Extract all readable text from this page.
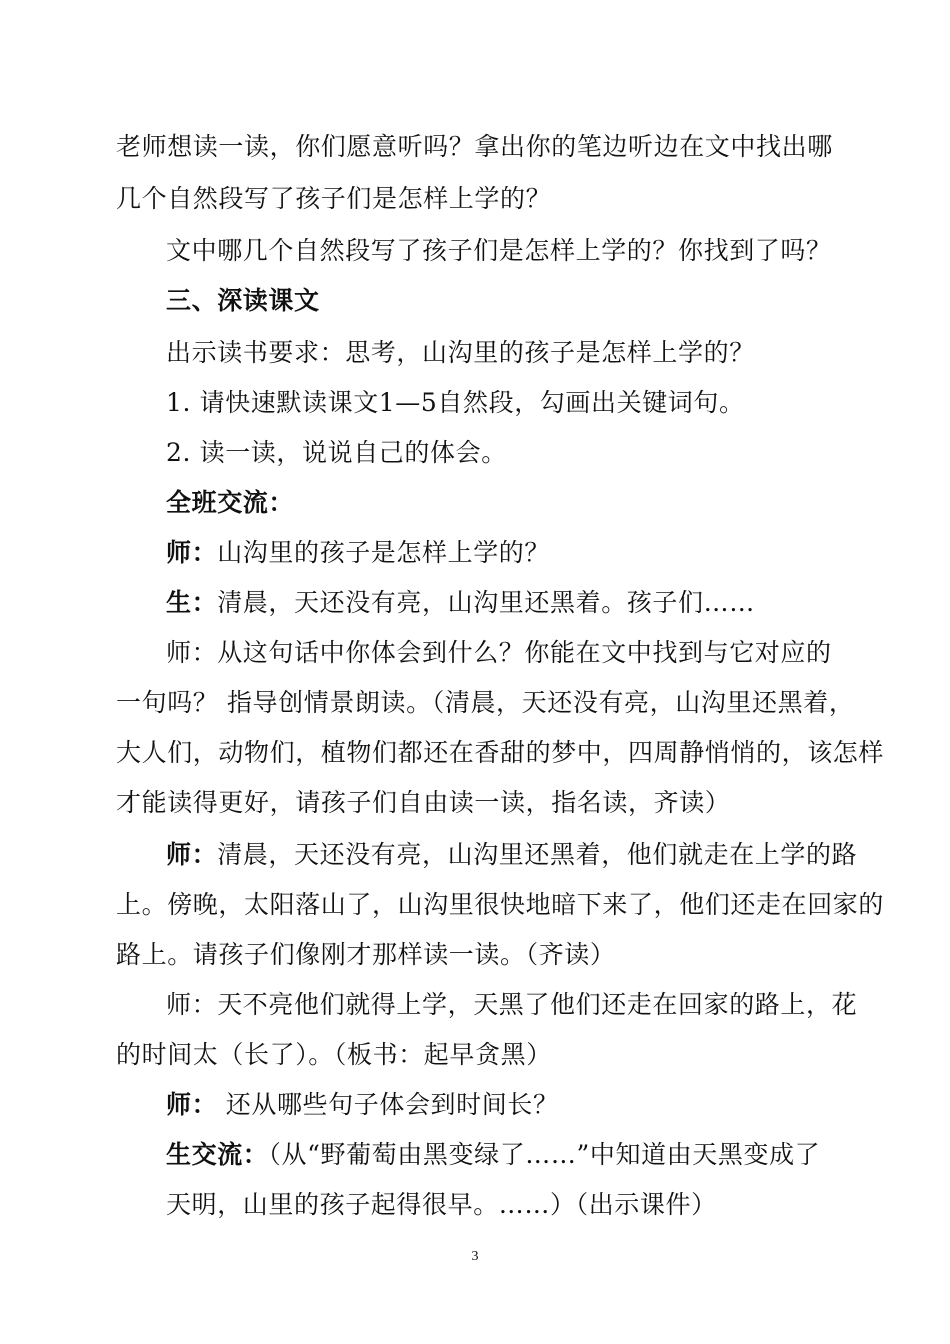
老师想读一读，你们愿意听吗？拿出你的笔边听边在文中找出哪
几个自然段写了孩子们是怎样上学的？
文中哪几个自然段写了孩子们是怎样上学的？你找到了吗？
三、深读课文
出示读书要求：思考，山沟里的孩子是怎样上学的？
1. 请快速默读课文1—5自然段，勾画出关键词句。
2. 读一读，说说自己的体会。
全班交流：
师：山沟里的孩子是怎样上学的？
生：清晨，天还没有亮，山沟里还黑着。孩子们……
师：从这句话中你体会到什么？你能在文中找到与它对应的
一句吗？ 指导创情景朗读。（清晨，天还没有亮，山沟里还黑着，
大人们，动物们，植物们都还在香甜的梦中，四周静悄悄的，该怎样
才能读得更好，请孩子们自由读一读，指名读，齐读）
师：清晨，天还没有亮，山沟里还黑着，他们就走在上学的路
上。傍晚，太阳落山了，山沟里很快地暗下来了，他们还走在回家的
路上。请孩子们像刚才那样读一读。（齐读）
师：天不亮他们就得上学，天黑了他们还走在回家的路上，花
的时间太（长了）。（板书：起早贪黑）
师： 还从哪些句子体会到时间长？
生交流：（从“野葡萄由黑变绿了……”中知道由天黑变成了
天明，山里的孩子起得很早。……）（出示课件）
3
